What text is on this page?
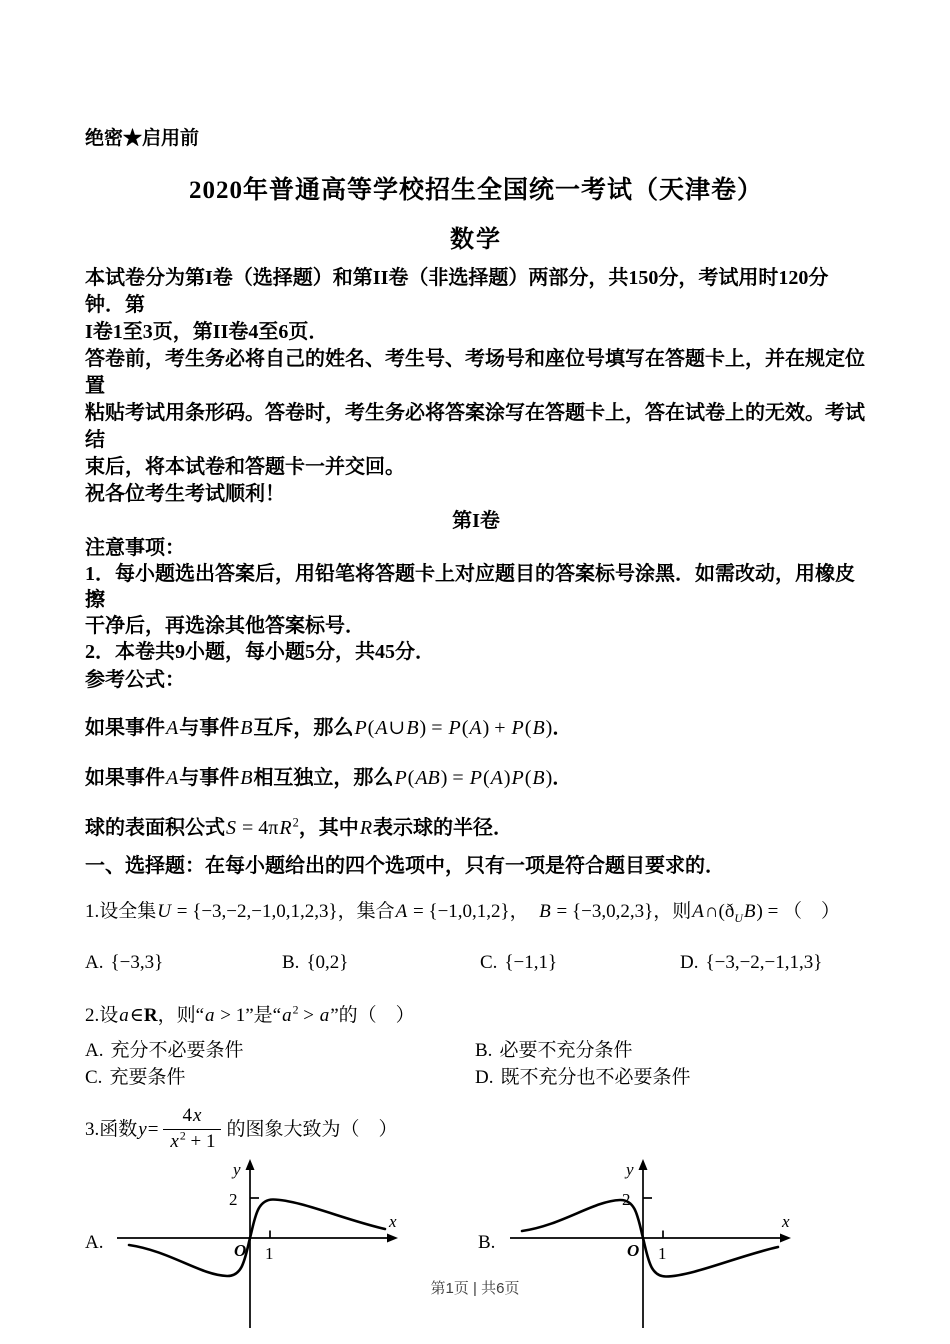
绝密★启用前
2020年普通高等学校招生全国统一考试（天津卷）
数学
本试卷分为第I卷（选择题）和第II卷（非选择题）两部分，共150分，考试用时120分钟．第
I卷1至3页，第II卷4至6页．
答卷前，考生务必将自己的姓名、考生号、考场号和座位号填写在答题卡上，并在规定位置
粘贴考试用条形码。答卷时，考生务必将答案涂写在答题卡上，答在试卷上的无效。考试结
束后，将本试卷和答题卡一并交回。
祝各位考生考试顺利！
第I卷
注意事项：
1．每小题选出答案后，用铅笔将答题卡上对应题目的答案标号涂黑．如需改动，用橡皮擦
干净后，再选涂其他答案标号．
2．本卷共9小题，每小题5分，共45分．
参考公式：
如果事件A与事件B互斥，那么P(A∪B) = P(A) + P(B)．
如果事件A与事件B相互独立，那么P(AB) = P(A)P(B)．
球的表面积公式$S = 4\pi R^2$，其中R表示球的半径．
一、选择题：在每小题给出的四个选项中，只有一项是符合题目要求的．
1.设全集U = {−3,−2,−1,0,1,2,3}，集合A = {−1,0,1,2}，　B = {−3,0,2,3}，则$A\cap(ð_UB)$ = （　）
A. {−3,3}	B. {0,2}	C. {−1,1}	D. {−3,−2,−1,1,3}
2.设a∈R，则“a > 1”是“$a^2 > a$”的（　）
A. 充分不必要条件	B. 必要不充分条件
C. 充要条件	D. 既不充分也不必要条件
3.函数 $y = \frac{4x}{x^2 + 1}$ 的图象大致为（　）
A.
y
x
O 1
2
B.
y
x
O 1
2
第1页 | 共6页
